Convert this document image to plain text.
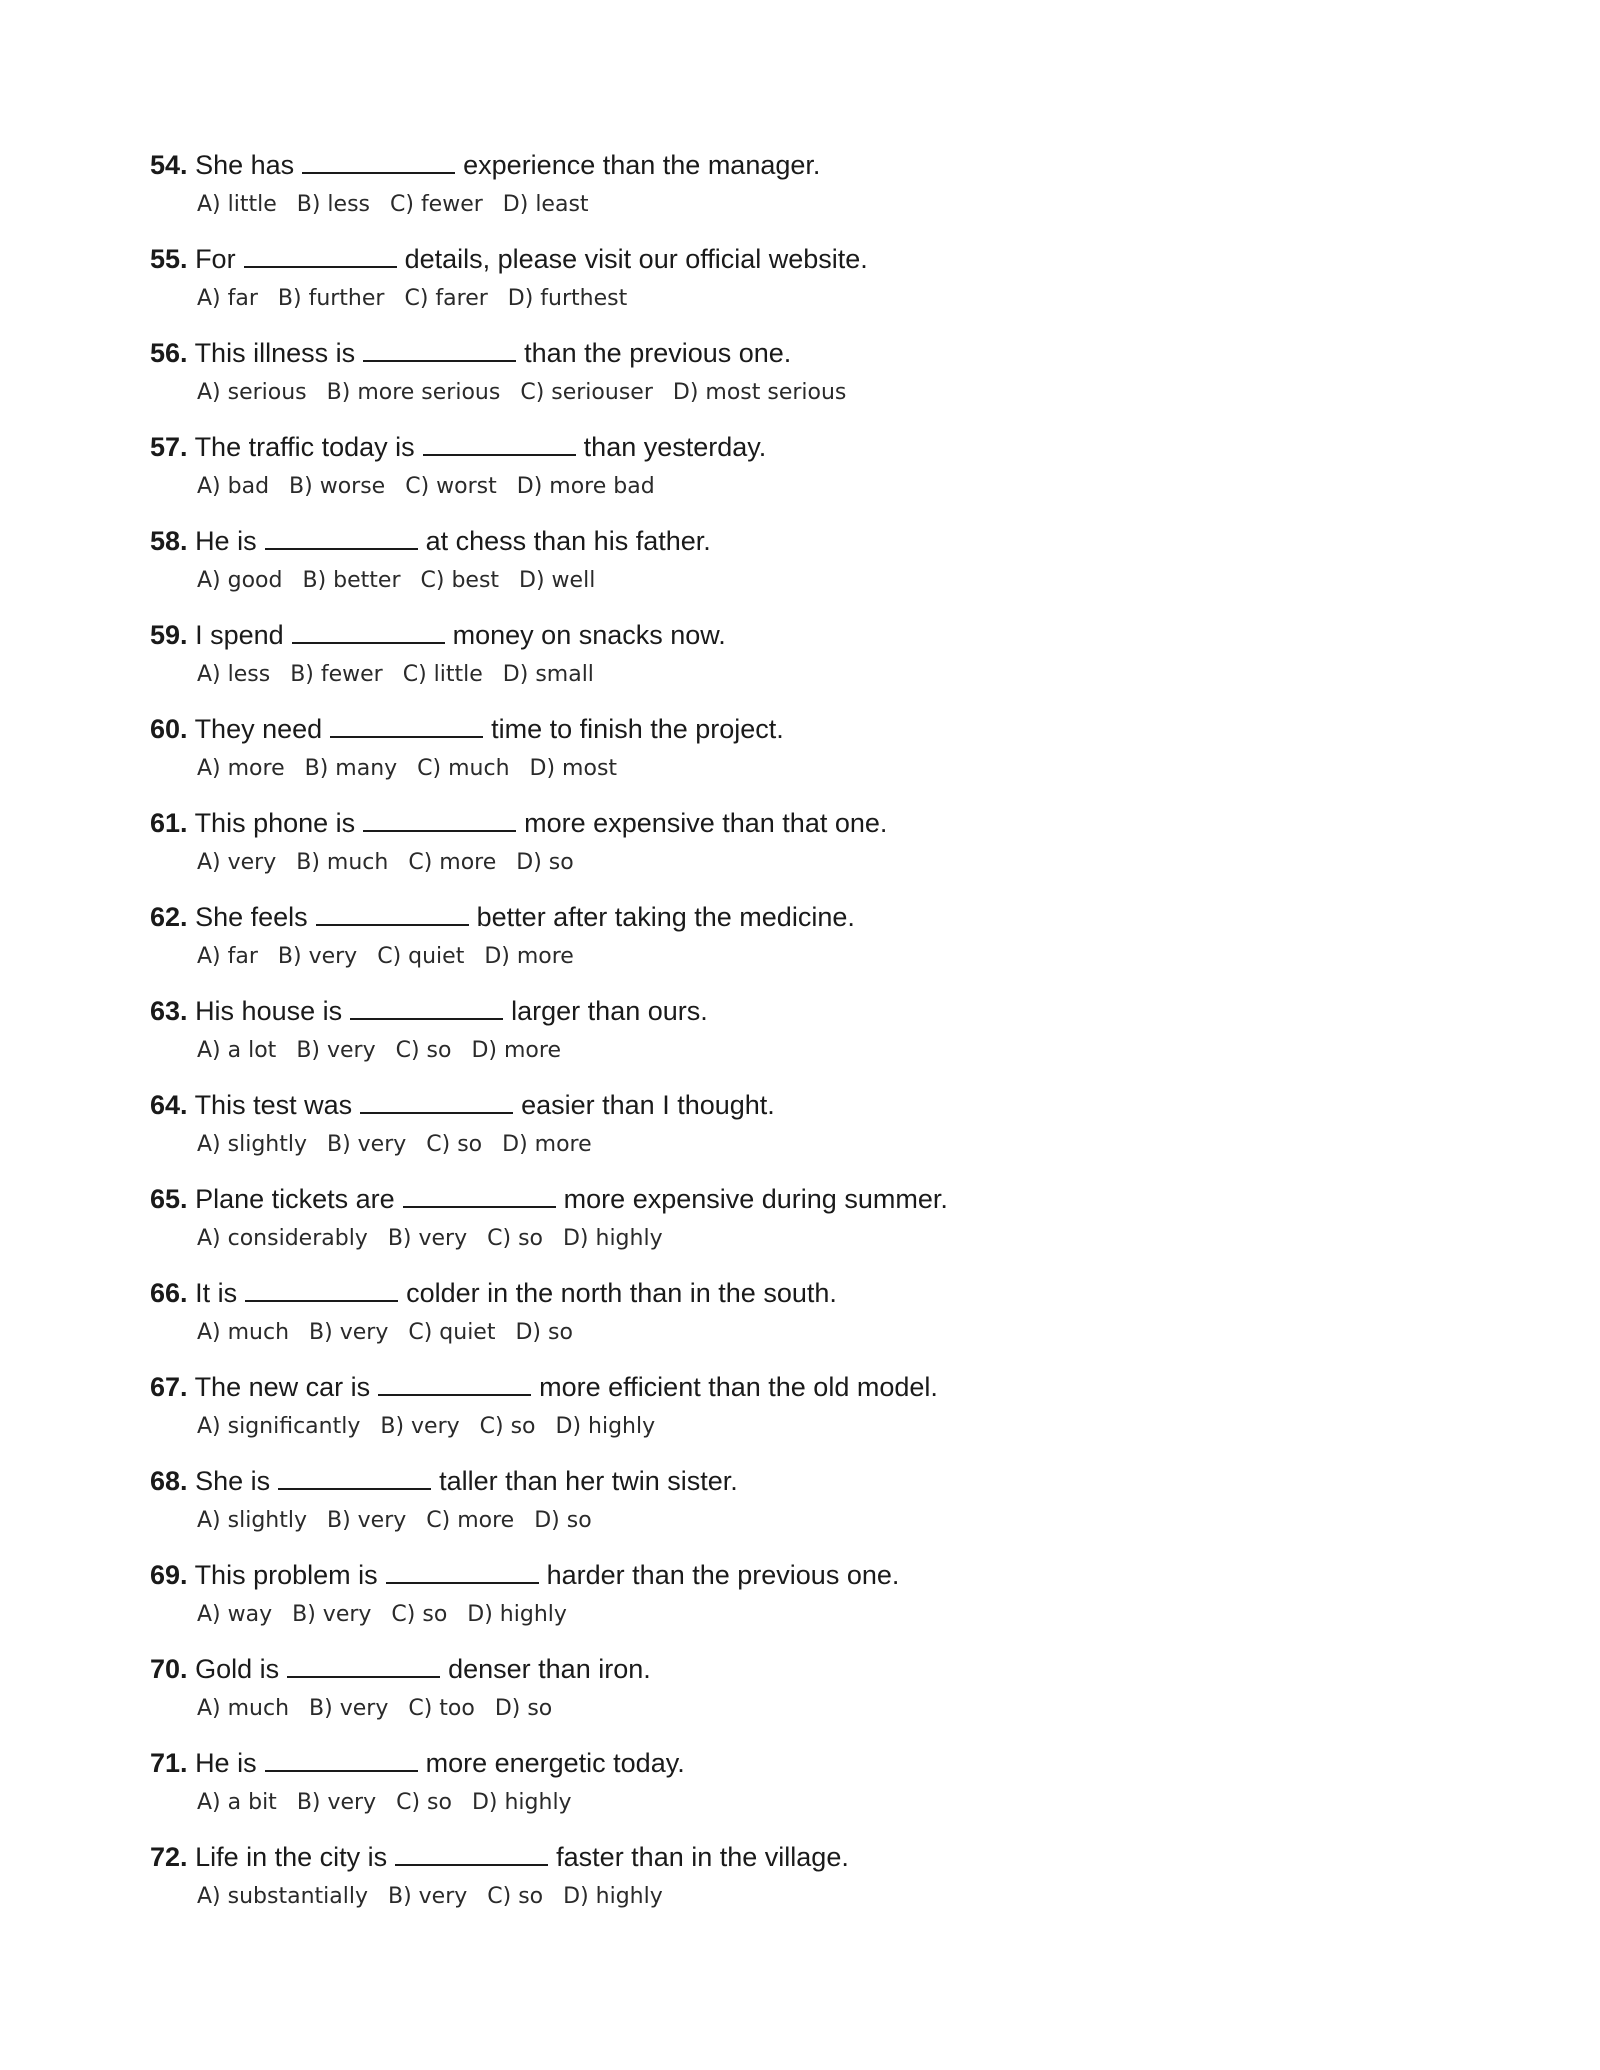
54. She has	experience than the manager.
A) little B) less C) fewer D) least
55. For	details, please visit our official website.
A) far B) further C) farer D) furthest
56. This illness is	than the previous one.
A) serious B) more serious C) seriouser D) most serious
57. The traffic today is	than yesterday.
A) bad B) worse C) worst D) more bad
58. He is	at chess than his father.
A) good B) better C) best D) well
59. I spend	money on snacks now.
A) less B) fewer C) little D) small
60. They need	time to finish the project.
A) more B) many C) much D) most
61. This phone is	more expensive than that one.
A) very B) much C) more D) so
62. She feels	better after taking the medicine.
A) far B) very C) quiet D) more
63. His house is	larger than ours.
A) a lot B) very C) so D) more
64. This test was	easier than I thought.
A) slightly B) very C) so D) more
65. Plane tickets are	more expensive during summer.
A) considerably B) very C) so D) highly
66. It is	colder in the north than in the south.
A) much B) very C) quiet D) so
67. The new car is	more efficient than the old model.
A) significantly B) very C) so D) highly
68. She is	taller than her twin sister.
A) slightly B) very C) more D) so
69. This problem is	harder than the previous one.
A) way B) very C) so D) highly
70. Gold is	denser than iron.
A) much B) very C) too D) so
71. He is	more energetic today.
A) a bit B) very C) so D) highly
72. Life in the city is	faster than in the village.
A) substantially B) very C) so D) highly
